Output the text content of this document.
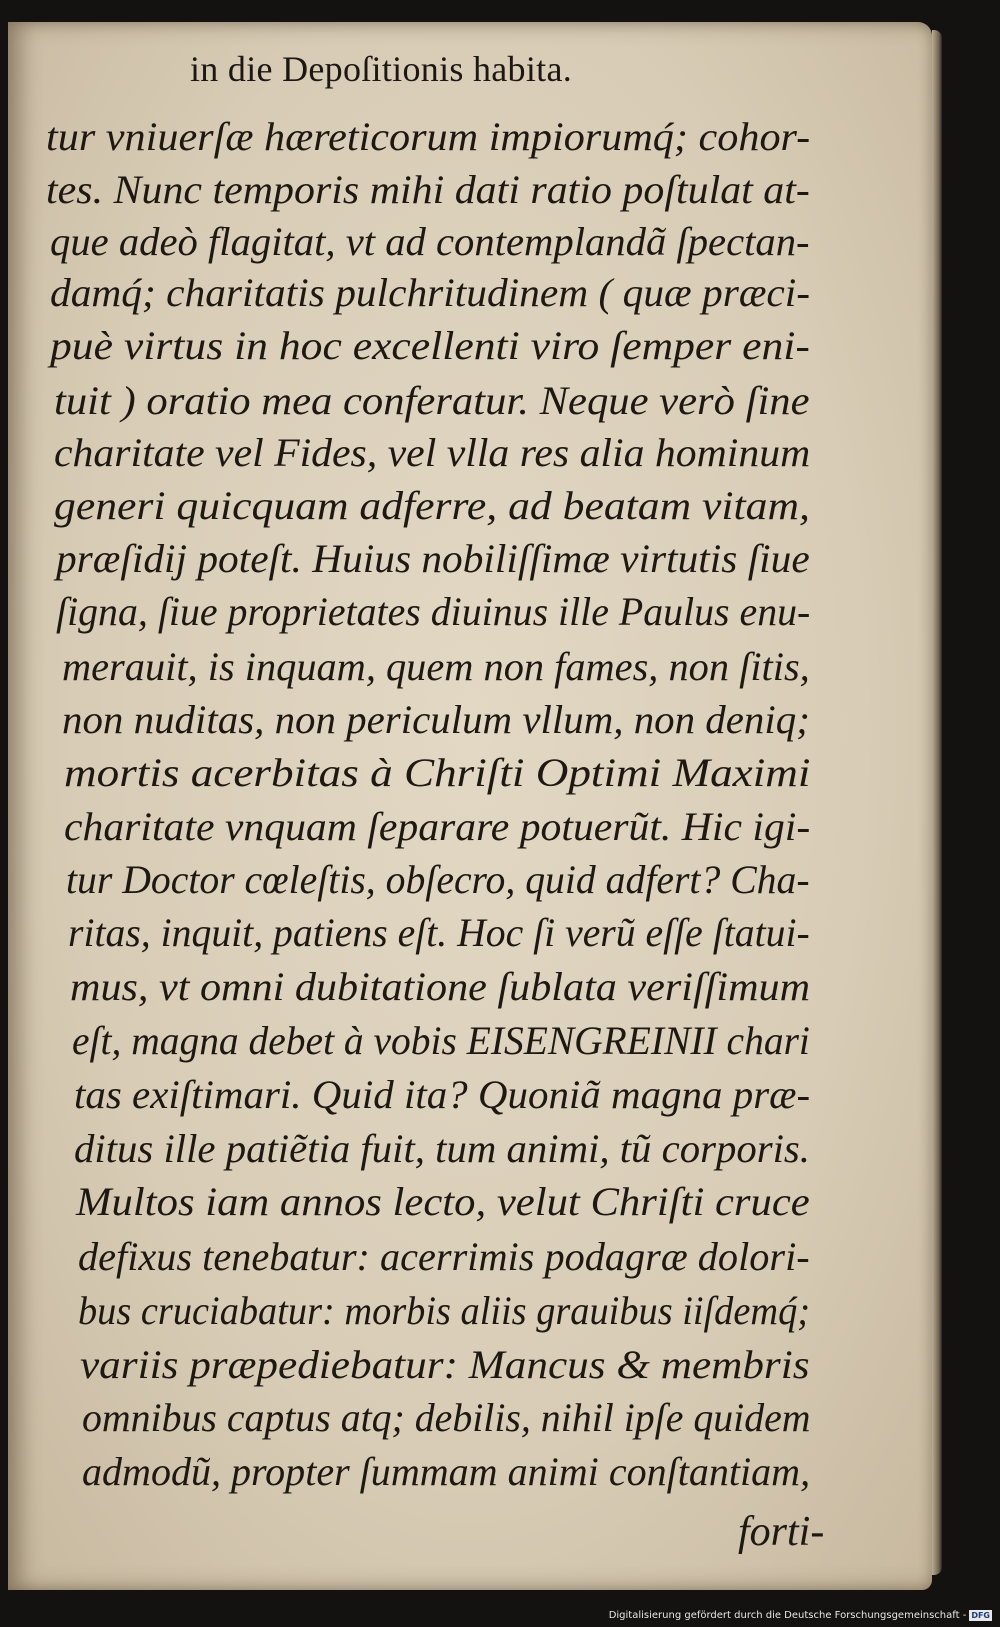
in die Depoſitionis habita.
tur vniuerſæ hæreticorum impiorumq́; cohor-
tes. Nunc temporis mihi dati ratio poſtulat at-
que adeò flagitat, vt ad contemplandã ſpectan-
damq́; charitatis pulchritudinem ( quæ præci-
puè virtus in hoc excellenti viro ſemper eni-
tuit ) oratio mea conferatur. Neque verò ſine
charitate vel Fides, vel vlla res alia hominum
generi quicquam adferre, ad beatam vitam,
præſidij poteſt. Huius nobiliſſimæ virtutis ſiue
ſigna, ſiue proprietates diuinus ille Paulus enu-
merauit, is inquam, quem non fames, non ſitis,
non nuditas, non periculum vllum, non deniq;
mortis acerbitas à Chriſti Optimi Maximi
charitate vnquam ſeparare potuerũt. Hic igi-
tur Doctor cœleſtis, obſecro, quid adfert? Cha-
ritas, inquit, patiens eſt. Hoc ſi verũ eſſe ſtatui-
mus, vt omni dubitatione ſublata veriſſimum
eſt, magna debet à vobis EISENGREINII chari
tas exiſtimari. Quid ita? Quoniã magna præ-
ditus ille patiẽtia fuit, tum animi, tũ corporis.
Multos iam annos lecto, velut Chriſti cruce
defixus tenebatur: acerrimis podagræ dolori-
bus cruciabatur: morbis aliis grauibus iiſdemq́;
variis præpediebatur: Mancus & membris
omnibus captus atq; debilis, nihil ipſe quidem
admodũ, propter ſummam animi conſtantiam,
forti-
Digitalisierung gefördert durch die Deutsche Forschungsgemeinschaft - DFG
